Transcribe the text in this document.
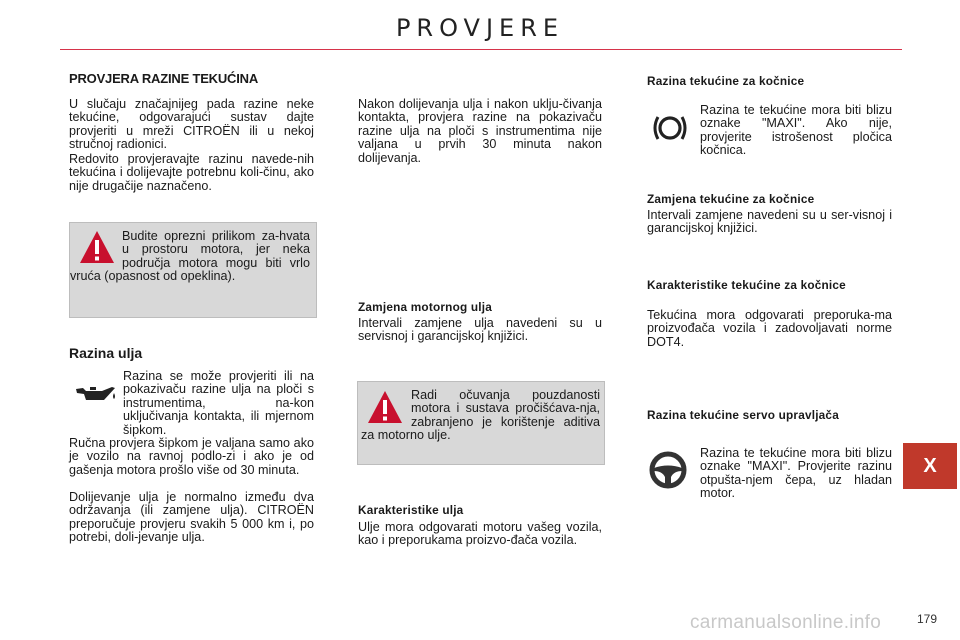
PROVJERE
PROVJERA RAZINE TEKUĆINA

U slučaju značajnijeg pada razine neke tekućine, odgovarajući sustav dajte provjeriti u mreži CITROËN ili u nekoj stručnoj radionici.

Redovito provjeravajte razinu navede-nih tekućina i dolijevajte potrebnu koli-činu, ako nije drugačije naznačeno.

Budite oprezni prilikom za-hvata u prostoru motora, jer neka područja motora mogu biti vrlo vruća (opasnost od opeklina).
Razina ulja

Razina se može provjeriti ili na pokazivaču razine ulja na ploči s instrumentima, na-kon uključivanja kontakta, ili mjernom šipkom.

Ručna provjera šipkom je valjana samo ako je vozilo na ravnoj podlo-zi i ako je od gašenja motora prošlo više od 30 minuta.

Dolijevanje ulja je normalno između dva održavanja (ili zamjene ulja). CITROËN preporučuje provjeru svakih 5 000 km i, po potrebi, doli-jevanje ulja.

Nakon dolijevanja ulja i nakon uklju-čivanja kontakta, provjera razine na pokazivaču razine ulja na ploči s instrumentima nije valjana u prvih 30 minuta nakon dolijevanja.

Zamjena motornog ulja

Intervali zamjene ulja navedeni su u servisnoj i garancijskoj knjižici.

Radi očuvanja pouzdanosti motora i sustava pročišćava-nja, zabranjeno je korištenje aditiva za motorno ulje.
Karakteristike ulja

Ulje mora odgovarati motoru vašeg vozila, kao i preporukama proizvo-đača vozila.

Razina tekućine za kočnice

Razina te tekućine mora biti blizu oznake "MAXI". Ako nije, provjerite istrošenost pločica kočnica.

Zamjena tekućine za kočnice

Intervali zamjene navedeni su u ser-visnoj i garancijskoj knjižici.

Karakteristike tekućine za kočnice

Tekućina mora odgovarati preporuka-ma proizvođača vozila i zadovoljavati norme DOT4.

Razina tekućine servo upravljača

Razina te tekućine mora biti blizu oznake "MAXI". Provjerite razinu otpušta-njem čepa, uz hladan motor.

X
carmanualsonline.info	179
